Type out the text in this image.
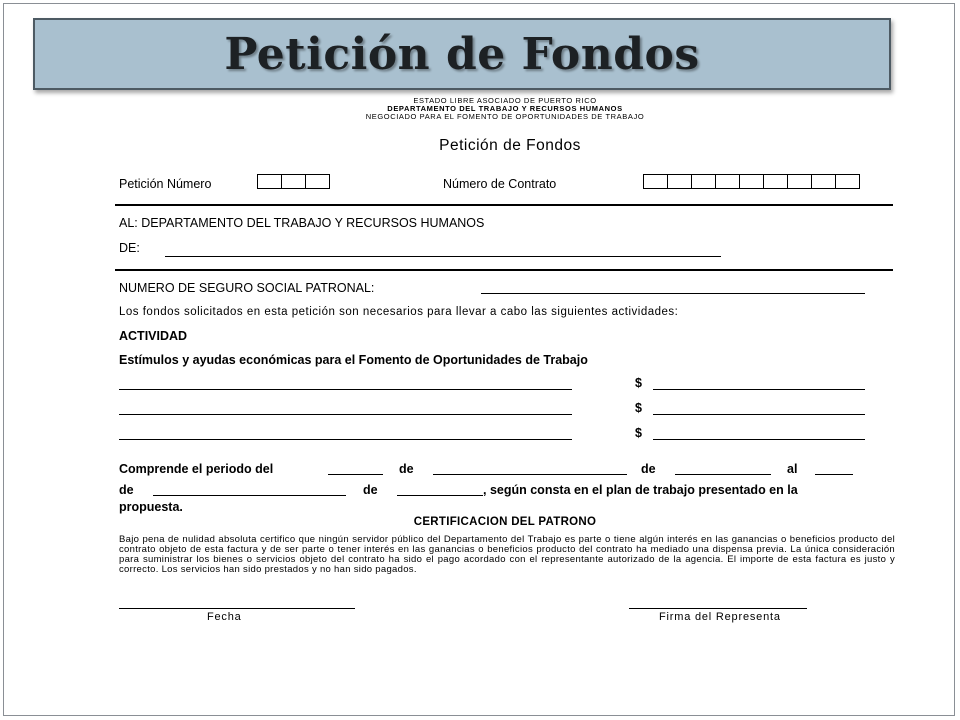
Petición de Fondos
ESTADO LIBRE ASOCIADO DE PUERTO RICO
DEPARTAMENTO DEL TRABAJO Y RECURSOS HUMANOS
NEGOCIADO PARA EL FOMENTO DE OPORTUNIDADES DE TRABAJO
Petición de Fondos
Petición Número	Número de Contrato
AL: DEPARTAMENTO DEL TRABAJO Y RECURSOS HUMANOS
DE:
NUMERO DE SEGURO SOCIAL PATRONAL:
Los fondos solicitados en esta petición son necesarios para llevar a cabo las siguientes actividades:
ACTIVIDAD
Estímulos y ayudas económicas para el Fomento de Oportunidades de Trabajo
$
$
$
Comprende el periodo del	de	de	al
de	de	, según consta en el plan de trabajo presentado en la
propuesta.
CERTIFICACION DEL PATRONO
Bajo pena de nulidad absoluta certifico que ningún servidor público del Departamento del Trabajo es parte o tiene algún interés en las ganancias o beneficios producto del contrato objeto de esta factura y de ser parte o tener interés en las ganancias o beneficios producto del contrato ha mediado una dispensa previa. La única consideración para suministrar los bienes o servicios objeto del contrato ha sido el pago acordado con el representante autorizado de la agencia. El importe de esta factura es justo y correcto. Los servicios han sido prestados y no han sido pagados.
Fecha	Firma del Representa
